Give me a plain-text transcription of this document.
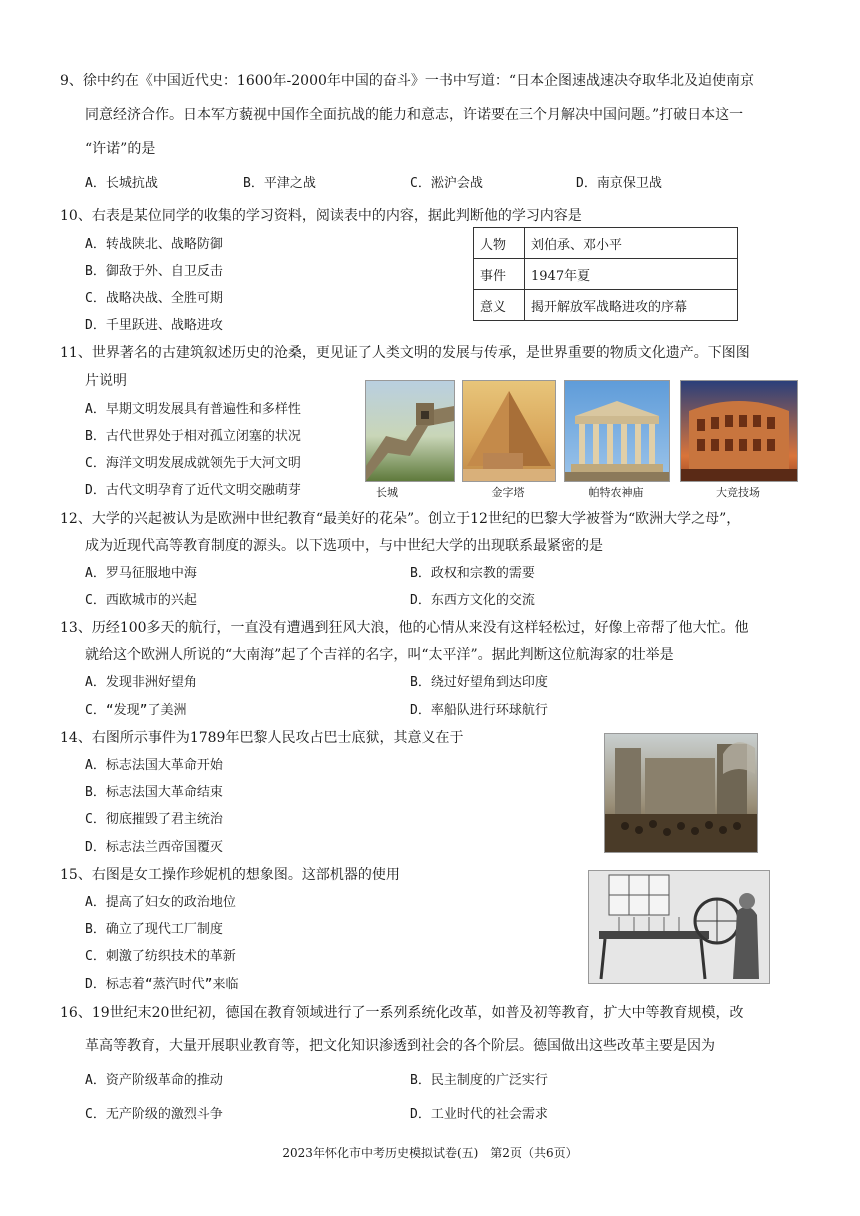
9、徐中约在《中国近代史：1600年-2000年中国的奋斗》一书中写道：“日本企图速战速决夺取华北及迫使南京
同意经济合作。日本军方藐视中国作全面抗战的能力和意志，许诺要在三个月解决中国问题。”打破日本这一
“许诺”的是
A．长城抗战	B．平津之战	C．淞沪会战	D．南京保卫战
10、右表是某位同学的收集的学习资料，阅读表中的内容，据此判断他的学习内容是
A．转战陕北、战略防御
B．御敌于外、自卫反击
C．战略决战、全胜可期
D．千里跃进、战略进攻
人物	刘伯承、邓小平
事件	1947年夏
意义	揭开解放军战略进攻的序幕
11、世界著名的古建筑叙述历史的沧桑，更见证了人类文明的发展与传承，是世界重要的物质文化遗产。下图图
片说明
A．早期文明发展具有普遍性和多样性
B．古代世界处于相对孤立闭塞的状况
C．海洋文明发展成就领先于大河文明
D．古代文明孕育了近代文明交融萌芽	长城	金字塔	帕特农神庙	大竞技场
12、大学的兴起被认为是欧洲中世纪教育“最美好的花朵”。创立于12世纪的巴黎大学被誉为“欧洲大学之母”，
成为近现代高等教育制度的源头。以下选项中，与中世纪大学的出现联系最紧密的是
A．罗马征服地中海	B．政权和宗教的需要
C．西欧城市的兴起	D．东西方文化的交流
13、历经100多天的航行，一直没有遭遇到狂风大浪，他的心情从来没有这样轻松过，好像上帝帮了他大忙。他
就给这个欧洲人所说的“大南海”起了个吉祥的名字，叫“太平洋”。据此判断这位航海家的壮举是
A．发现非洲好望角	B．绕过好望角到达印度
C．“发现”了美洲	D．率船队进行环球航行
14、右图所示事件为1789年巴黎人民攻占巴士底狱，其意义在于
A．标志法国大革命开始
B．标志法国大革命结束
C．彻底摧毁了君主统治
D．标志法兰西帝国覆灭
15、右图是女工操作珍妮机的想象图。这部机器的使用
A．提高了妇女的政治地位
B．确立了现代工厂制度
C．刺激了纺织技术的革新
D．标志着“蒸汽时代”来临
16、19世纪末20世纪初，德国在教育领域进行了一系列系统化改革，如普及初等教育，扩大中等教育规模，改
革高等教育，大量开展职业教育等，把文化知识渗透到社会的各个阶层。德国做出这些改革主要是因为
A．资产阶级革命的推动	B．民主制度的广泛实行
C．无产阶级的激烈斗争	D．工业时代的社会需求
2023年怀化市中考历史模拟试卷(五)　第2页（共6页）
